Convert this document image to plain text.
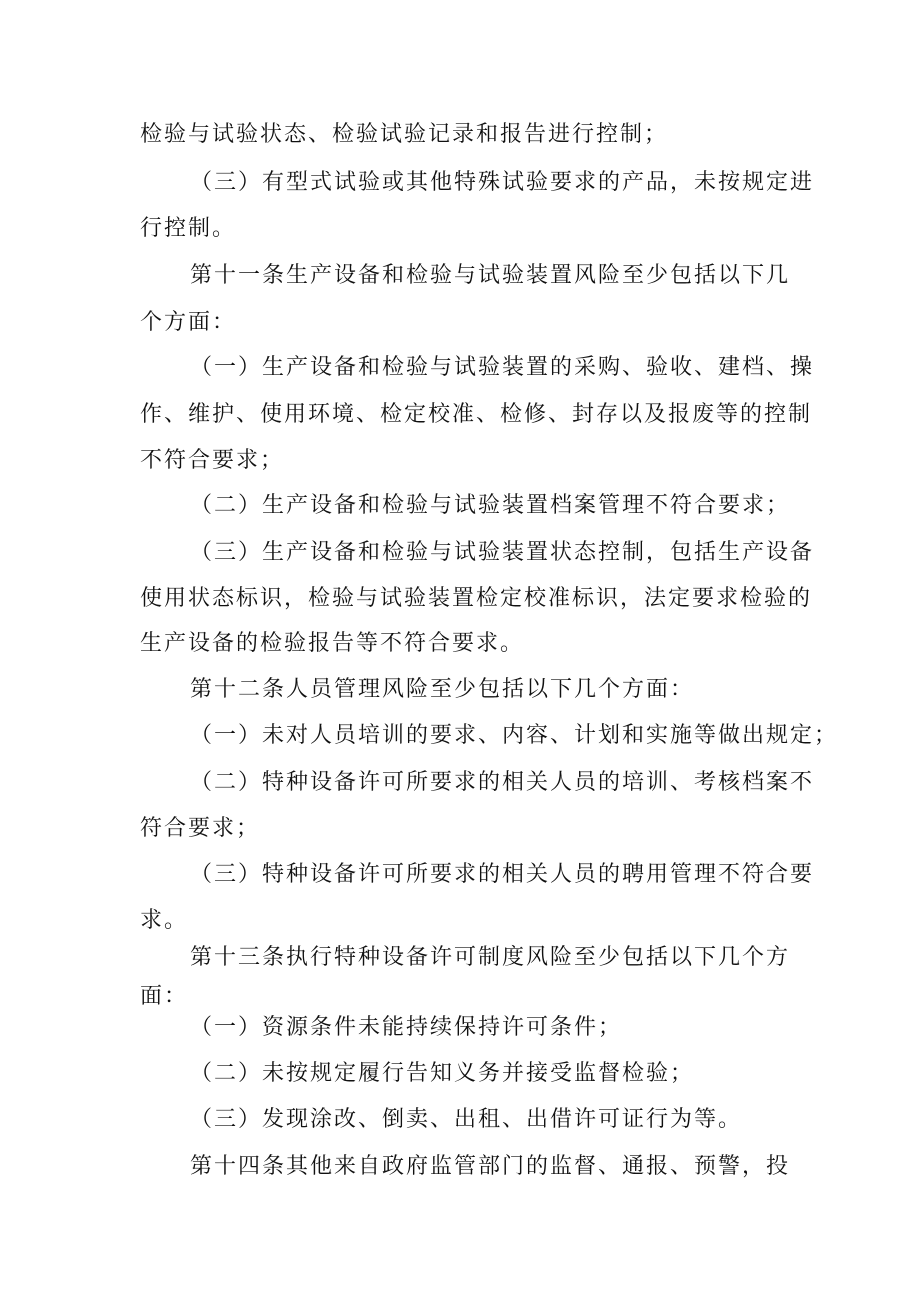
检验与试验状态、检验试验记录和报告进行控制；
（三）有型式试验或其他特殊试验要求的产品，未按规定进
行控制。
第十一条生产设备和检验与试验装置风险至少包括以下几
个方面：
（一）生产设备和检验与试验装置的采购、验收、建档、操
作、维护、使用环境、检定校准、检修、封存以及报废等的控制
不符合要求；
（二）生产设备和检验与试验装置档案管理不符合要求；
（三）生产设备和检验与试验装置状态控制，包括生产设备
使用状态标识，检验与试验装置检定校准标识，法定要求检验的
生产设备的检验报告等不符合要求。
第十二条人员管理风险至少包括以下几个方面：
（一）未对人员培训的要求、内容、计划和实施等做出规定；
（二）特种设备许可所要求的相关人员的培训、考核档案不
符合要求；
（三）特种设备许可所要求的相关人员的聘用管理不符合要
求。
第十三条执行特种设备许可制度风险至少包括以下几个方
面：
（一）资源条件未能持续保持许可条件；
（二）未按规定履行告知义务并接受监督检验；
（三）发现涂改、倒卖、出租、出借许可证行为等。
第十四条其他来自政府监管部门的监督、通报、预警，投
